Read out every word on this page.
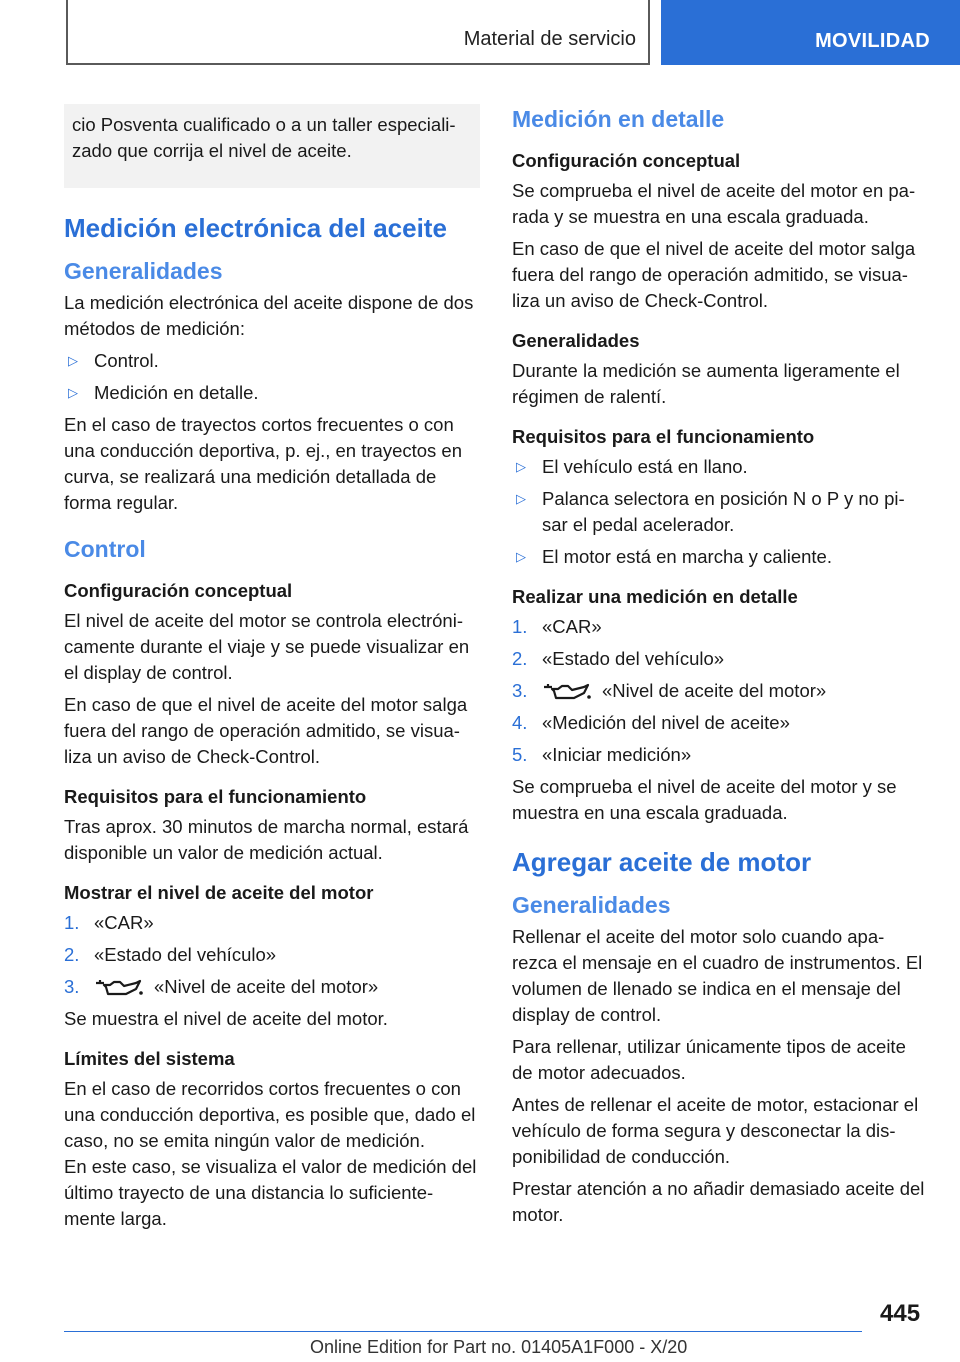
Material de servicio	MOVILIDAD

cio Posventa cualificado o a un taller especiali-zado que corrija el nivel de aceite.

Medición electrónica del aceite
Generalidades

La medición electrónica del aceite dispone de dos métodos de medición:

▷ Control.
▷ Medición en detalle.

En el caso de trayectos cortos frecuentes o con una conducción deportiva, p. ej., en trayectos en curva, se realizará una medición detallada de forma regular.

Control
Configuración conceptual

El nivel de aceite del motor se controla electróni-camente durante el viaje y se puede visualizar en el display de control.

En caso de que el nivel de aceite del motor salga fuera del rango de operación admitido, se visua-liza un aviso de Check-Control.

Requisitos para el funcionamiento

Tras aprox. 30 minutos de marcha normal, estará disponible un valor de medición actual.

Mostrar el nivel de aceite del motor
1. «CAR»
2. «Estado del vehículo»
3.	«Nivel de aceite del motor»

Se muestra el nivel de aceite del motor.

Límites del sistema

En el caso de recorridos cortos frecuentes o con una conducción deportiva, es posible que, dado el caso, no se emita ningún valor de medición.

En este caso, se visualiza el valor de medición del último trayecto de una distancia lo suficiente-mente larga.

Medición en detalle
Configuración conceptual

Se comprueba el nivel de aceite del motor en pa-rada y se muestra en una escala graduada.

En caso de que el nivel de aceite del motor salga fuera del rango de operación admitido, se visua-liza un aviso de Check-Control.

Generalidades

Durante la medición se aumenta ligeramente el régimen de ralentí.

Requisitos para el funcionamiento
▷ El vehículo está en llano.
▷ Palanca selectora en posición N o P y no pi-sar el pedal acelerador.
▷ El motor está en marcha y caliente.
Realizar una medición en detalle
1. «CAR»
2. «Estado del vehículo»
3.	«Nivel de aceite del motor»
4. «Medición del nivel de aceite»
5. «Iniciar medición»

Se comprueba el nivel de aceite del motor y se muestra en una escala graduada.

Agregar aceite de motor
Generalidades

Rellenar el aceite del motor solo cuando apa-rezca el mensaje en el cuadro de instrumentos. El volumen de llenado se indica en el mensaje del display de control.

Para rellenar, utilizar únicamente tipos de aceite de motor adecuados.

Antes de rellenar el aceite de motor, estacionar el vehículo de forma segura y desconectar la dis-ponibilidad de conducción.

Prestar atención a no añadir demasiado aceite del motor.

445
Online Edition for Part no. 01405A1F000 - X/20
